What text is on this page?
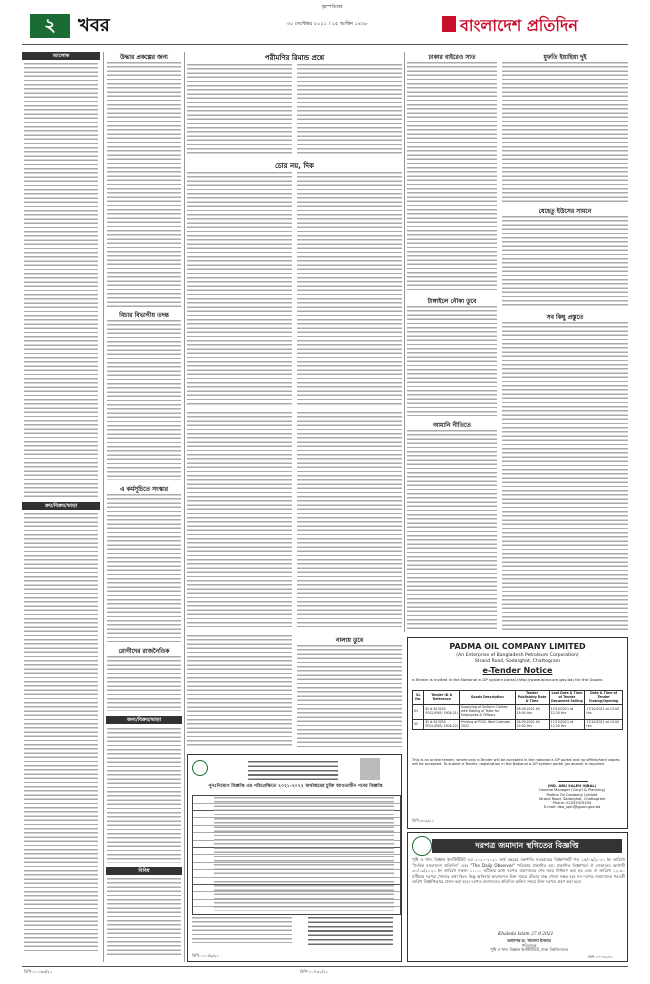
বৃহস্পতিবার
২	খবর	৩০ সেপ্টেম্বর ২০২১ । ১৫ আশ্বিন ১৪২৮	বাংলাদেশ প্রতিদিন
আলোক
ক্রয়/বিক্রয়/ভাড়া
উদ্ধার প্রকল্পের জন্য
বিচার বিভাগীয় তদন্ত
এ কর্মসূচিতে সংস্কার
রোগীদের রাজনৈতিক
জন্য/বিক্রয়/ভাড়া
বিবিধ
পরীমণির রিমান্ড প্রশ্নে
চোর নয়, দিক
ঢাকার বাইরেও সাত
টাঙ্গাইলে নৌকা ডুবে
আমানি নীতিতে
মুফতি ইয়াহিয়া দুই
যেহেতু ইউসের সামনে
সব কিছু প্রস্তুতে
নালায় ডুবে
PADMA OIL COMPANY LIMITED
(An Enterprise of Bangladesh Petroleum Corporation)
Strand Road, Sadarghat, Chattogram
e-Tender Notice
e-Tender is invited in the National e-GP system portal (http://www.eprocure.gov.bd) for the Goods:
SL No.	Tender ID & Reference	Goods Description	Tender Publishing Date & Time	Last Date & Time of Tender Document Selling	Date & Time of Tender Closing/Opening
01	ID # 613243 POCL/PUR/ 1906-21/	Supplying of Uniform Clothes with Making of Tailor for Employees & Officers	26.09.2021 till 15:00 Hrs	17/10/2021 at 12.30 Hrs	17/10/2021 at 13:00 Hrs
02	ID # 613254 POCL/PUR/ 1906-22/	Printing of POCL Wall Calendar-2022	26.09.2021 till 15:00 Hrs	17/10/2021 at 12.30 Hrs	17/10/2021 at 13:00 Hrs
This is an online tender, where only e-Tender will be accepted in the national e-GP portal and no offline/hard copies will be accepted. To submit e-Tender, registration in the National e-GP system portal (as above) is required.
(MD. ABU SALEH IQBAL)
General Manager (Corp'l & Planning)
Padma Oil Company Limited
Strand Road, Sadarghat, Chattogram
Phone: 02333325254
E-mail: deo_spm@gpocl.gov.bd
বিপি-৩০৯/২১
পুনঃনিয়োগ বিজ্ঞপ্তি এর পরিপ্রেক্ষিতে ২০২১-২০২২ অর্থবছরের চুক্তি আওতাধীন পদের বিজ্ঞপ্তি
বিপি-১০০৫৯/২১
দরপত্র জমাদান স্থগিতের বিজ্ঞপ্তি
পুষ্টি ও খাদ্য বিজ্ঞান ইনস্টিটিউট এর ২০২০-২০২১ অর্থ বছরের যন্ত্রপাতি সরবরাহের বিজ্ঞাপনটি গত ১৫/০৯/২০২১ ইং তারিখে "দৈনিক বাংলাদেশ প্রতিদিন" এবং "The Daily Observer" পত্রিকায় প্রকাশিত হয়। প্রকাশিত বিজ্ঞাপনে ঐ দোকানের আগামী ৩০/০৯/২০২১ ইং তারিখে সকাল ১১.০০ ঘটিকার মধ্যে দরপত্র জমাদানের শেষ সময় নির্ধারণ করা হয় এবং ঐ তারিখে ১২.৩০ ঘটিকায় দরপত্র খোলার কথা ছিল। কিন্তু অনিবার্য কারণবশত উক্ত সময়ে টেন্ডার বাক্স খোলা সম্ভব হবে না। দরপত্র জমাদানের পরবর্তী তারিখ বিজ্ঞপ্তিকারে প্রদান করা হবে। দরপত্র জমাদানের প্রতিদিন অফিস সময়ে উক্ত দরপত্র গ্রহণ করা হবে।
Khaleda Islam 27.9.2021
অধ্যাপক ড. খালেদা ইসলাম
পরিচালক
পুষ্টি ও খাদ্য বিজ্ঞান ইনস্টিটিউট, ঢাকা বিশ্ববিদ্যালয়
বিপি-১০০৫৭/২১
বিপি-১০০৬৩/২১	বিপি-১০৭৩১/২১
